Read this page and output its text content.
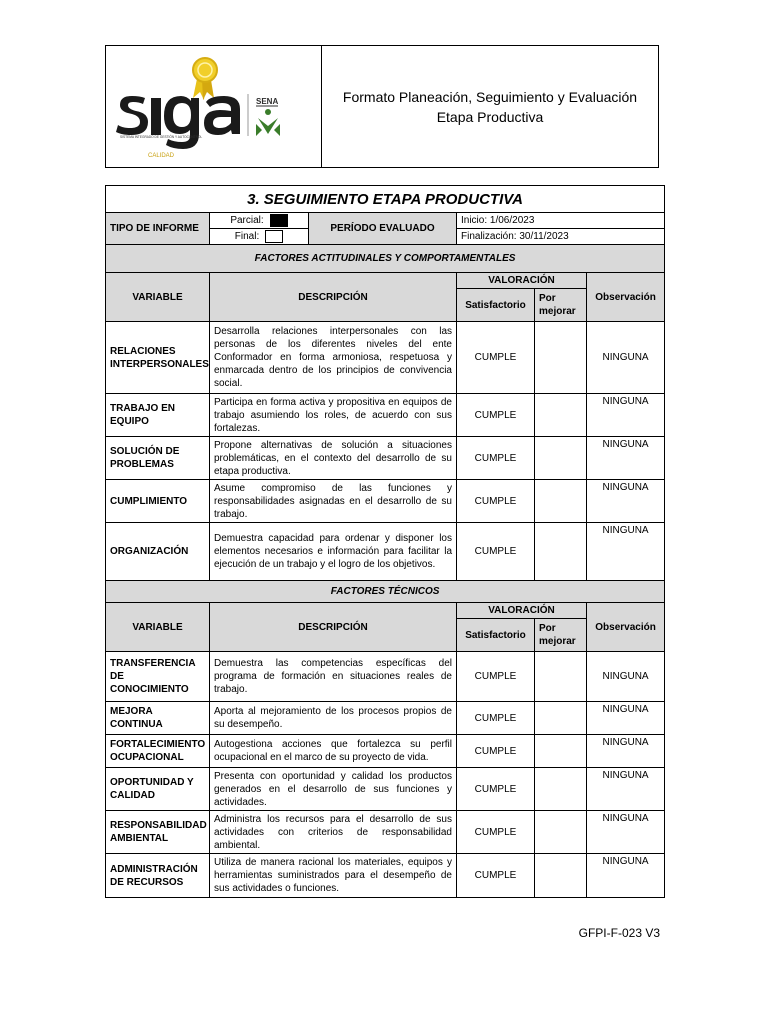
CALIDAD
SISTEMA INTEGRADO DE GESTIÓN Y AUTOCONTROL
SENA	Formato Planeación, Seguimiento y Evaluación Etapa Productiva
3. SEGUIMIENTO ETAPA PRODUCTIVA					
TIPO DE INFORME	Parcial:	PERÍODO EVALUADO	Inicio: 1/06/2023		
	Final:		Finalización: 30/11/2023		
FACTORES ACTITUDINALES Y COMPORTAMENTALES					
VARIABLE	DESCRIPCIÓN		VALORACIÓN		Observación
			Satisfactorio	Por mejorar	
RELACIONES INTERPERSONALES	Desarrolla relaciones interpersonales con las personas de los diferentes niveles del ente Conformador en forma armoniosa, respetuosa y enmarcada dentro de los principios de convivencia social.		CUMPLE		NINGUNA
TRABAJO EN EQUIPO	Participa en forma activa y propositiva en equipos de trabajo asumiendo los roles, de acuerdo con sus fortalezas.		CUMPLE		NINGUNA
SOLUCIÓN DE PROBLEMAS	Propone alternativas de solución a situaciones problemáticas, en el contexto del desarrollo de su etapa productiva.		CUMPLE		NINGUNA
CUMPLIMIENTO	Asume compromiso de las funciones y responsabilidades asignadas en el desarrollo de su trabajo.		CUMPLE		NINGUNA
ORGANIZACIÓN	Demuestra capacidad para ordenar y disponer los elementos necesarios e información para facilitar la ejecución de un trabajo y el logro de los objetivos.		CUMPLE		NINGUNA
FACTORES TÉCNICOS					
VARIABLE	DESCRIPCIÓN		VALORACIÓN		Observación
			Satisfactorio	Por mejorar	
TRANSFERENCIA DE CONOCIMIENTO	Demuestra las competencias específicas del programa de formación en situaciones reales de trabajo.		CUMPLE		NINGUNA
MEJORA CONTINUA	Aporta al mejoramiento de los procesos propios de su desempeño.		CUMPLE		NINGUNA
FORTALECIMIENTO OCUPACIONAL	Autogestiona acciones que fortalezca su perfil ocupacional en el marco de su proyecto de vida.		CUMPLE		NINGUNA
OPORTUNIDAD Y CALIDAD	Presenta con oportunidad y calidad los productos generados en el desarrollo de sus funciones y actividades.		CUMPLE		NINGUNA
RESPONSABILIDAD AMBIENTAL	Administra los recursos para el desarrollo de sus actividades con criterios de responsabilidad ambiental.		CUMPLE		NINGUNA
ADMINISTRACIÓN DE RECURSOS	Utiliza de manera racional los materiales, equipos y herramientas suministrados para el desempeño de sus actividades o funciones.		CUMPLE		NINGUNA
GFPI-F-023 V3
